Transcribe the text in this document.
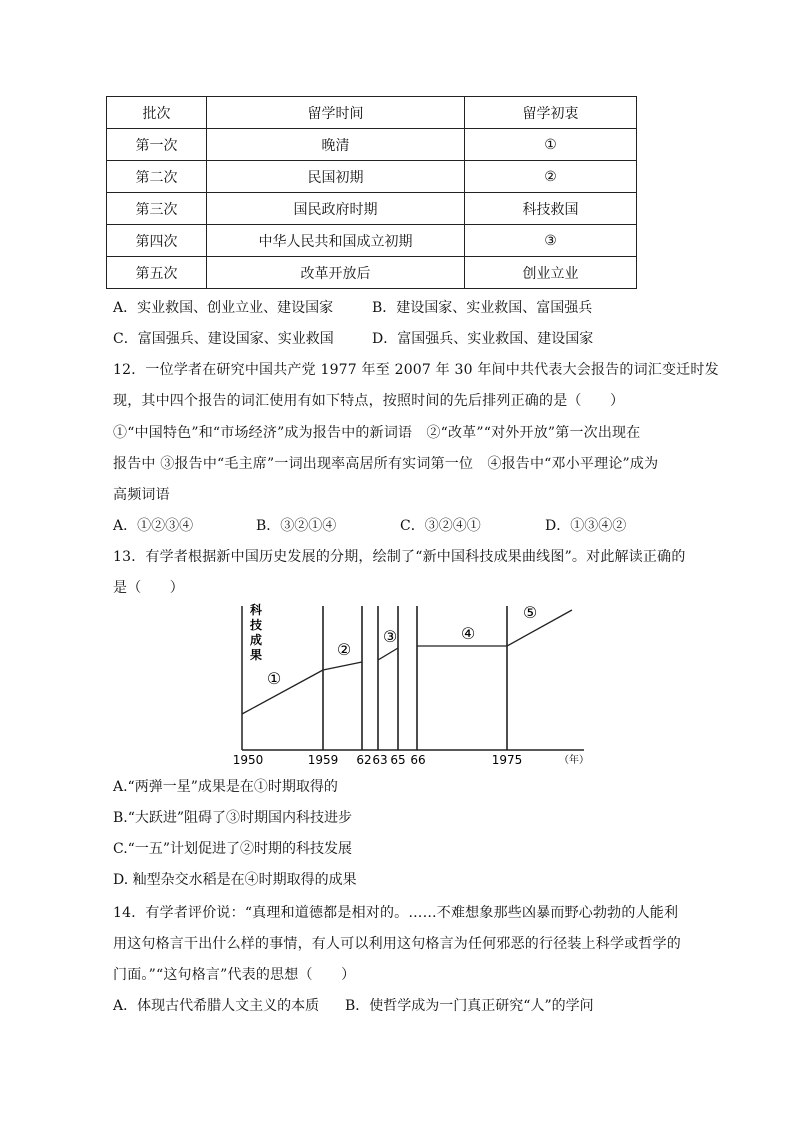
批次	留学时间	留学初衷
第一次	晚清	①
第二次	民国初期	②
第三次	国民政府时期	科技救国
第四次	中华人民共和国成立初期	③
第五次	改革开放后	创业立业
A．实业救国、创业立业、建设国家	B．建设国家、实业救国、富国强兵
C．富国强兵、建设国家、实业救国	D．富国强兵、实业救国、建设国家
12．一位学者在研究中国共产党 1977 年至 2007 年 30 年间中共代表大会报告的词汇变迁时发
现，其中四个报告的词汇使用有如下特点，按照时间的先后排列正确的是（　　）
①“中国特色”和“市场经济”成为报告中的新词语　②“改革”“对外开放”第一次出现在
报告中 ③报告中“毛主席”一词出现率高居所有实词第一位　④报告中“邓小平理论”成为
高频词语
A．①②③④	B．③②①④	C．③②④①	D．①③④②
13．有学者根据新中国历史发展的分期，绘制了“新中国科技成果曲线图”。对此解读正确的
是（　　）
科技成果
①
②
③	④
⑤
1950	1959 62 63 65 66	1975	（年）
A.“两弹一星”成果是在①时期取得的
B.“大跃进”阻碍了③时期国内科技进步
C.“一五”计划促进了②时期的科技发展
D. 籼型杂交水稻是在④时期取得的成果
14．有学者评价说：“真理和道德都是相对的。……不难想象那些凶暴而野心勃勃的人能利
用这句格言干出什么样的事情，有人可以利用这句格言为任何邪恶的行径装上科学或哲学的
门面。”“这句格言”代表的思想（　　）
A．体现古代希腊人文主义的本质 B．使哲学成为一门真正研究“人”的学问
